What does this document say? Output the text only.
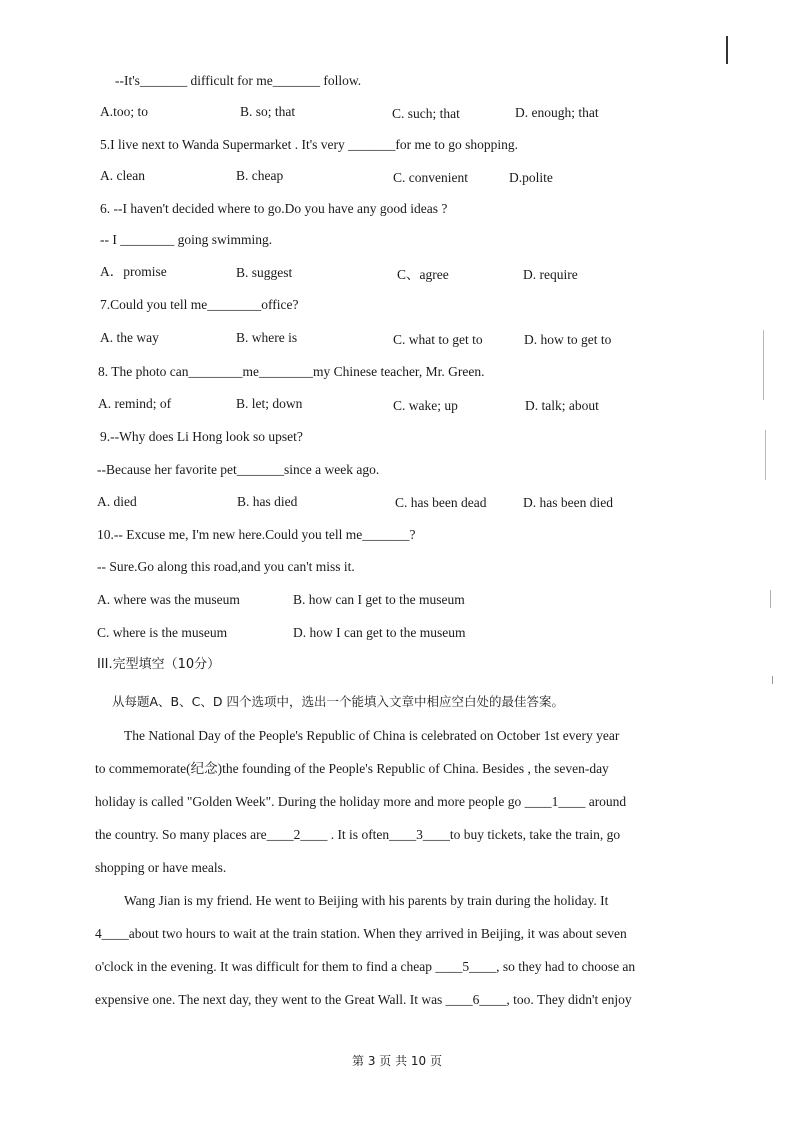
--It's_______ difficult for me_______ follow.
A.too; to	B. so; that	C. such; that	D. enough; that
5.I live next to Wanda Supermarket . It's very _______for me to go shopping.
A. clean	B. cheap	C. convenient	D.polite
6. --I haven't decided where to go.Do you have any good ideas ?
-- I ________ going swimming.
A．promise	B. suggest	C、agree	D. require
7.Could you tell me________office?
A. the way	B. where is	C. what to get to	D. how to get to
8. The photo can________me________my Chinese teacher, Mr. Green.
A. remind; of	B. let; down	C. wake; up	D. talk; about
9.--Why does Li Hong look so upset?
--Because her favorite pet_______since a week ago.
A. died	B. has died	C. has been dead	D. has been died
10.-- Excuse me, I'm new here.Could you tell me_______?
-- Sure.Go along this road,and you can't miss it.
A. where was the museum	B. how can I get to the museum
C. where is the museum	D. how I can get to the museum
III.完型填空（10分）
从每题A、B、C、D 四个选项中，选出一个能填入文章中相应空白处的最佳答案。
The National Day of the People's Republic of China is celebrated on October 1st every year
to commemorate(纪念)the founding of the People's Republic of China. Besides , the seven-day
holiday is called "Golden Week". During the holiday more and more people go ____1____ around
the country. So many places are____2____ . It is often____3____to buy tickets, take the train, go
shopping or have meals.
Wang Jian is my friend. He went to Beijing with his parents by train during the holiday. It
4____about two hours to wait at the train station. When they arrived in Beijing, it was about seven
o'clock in the evening. It was difficult for them to find a cheap ____5____, so they had to choose an
expensive one. The next day, they went to the Great Wall. It was ____6____, too. They didn't enjoy
第 3 页 共 10 页
